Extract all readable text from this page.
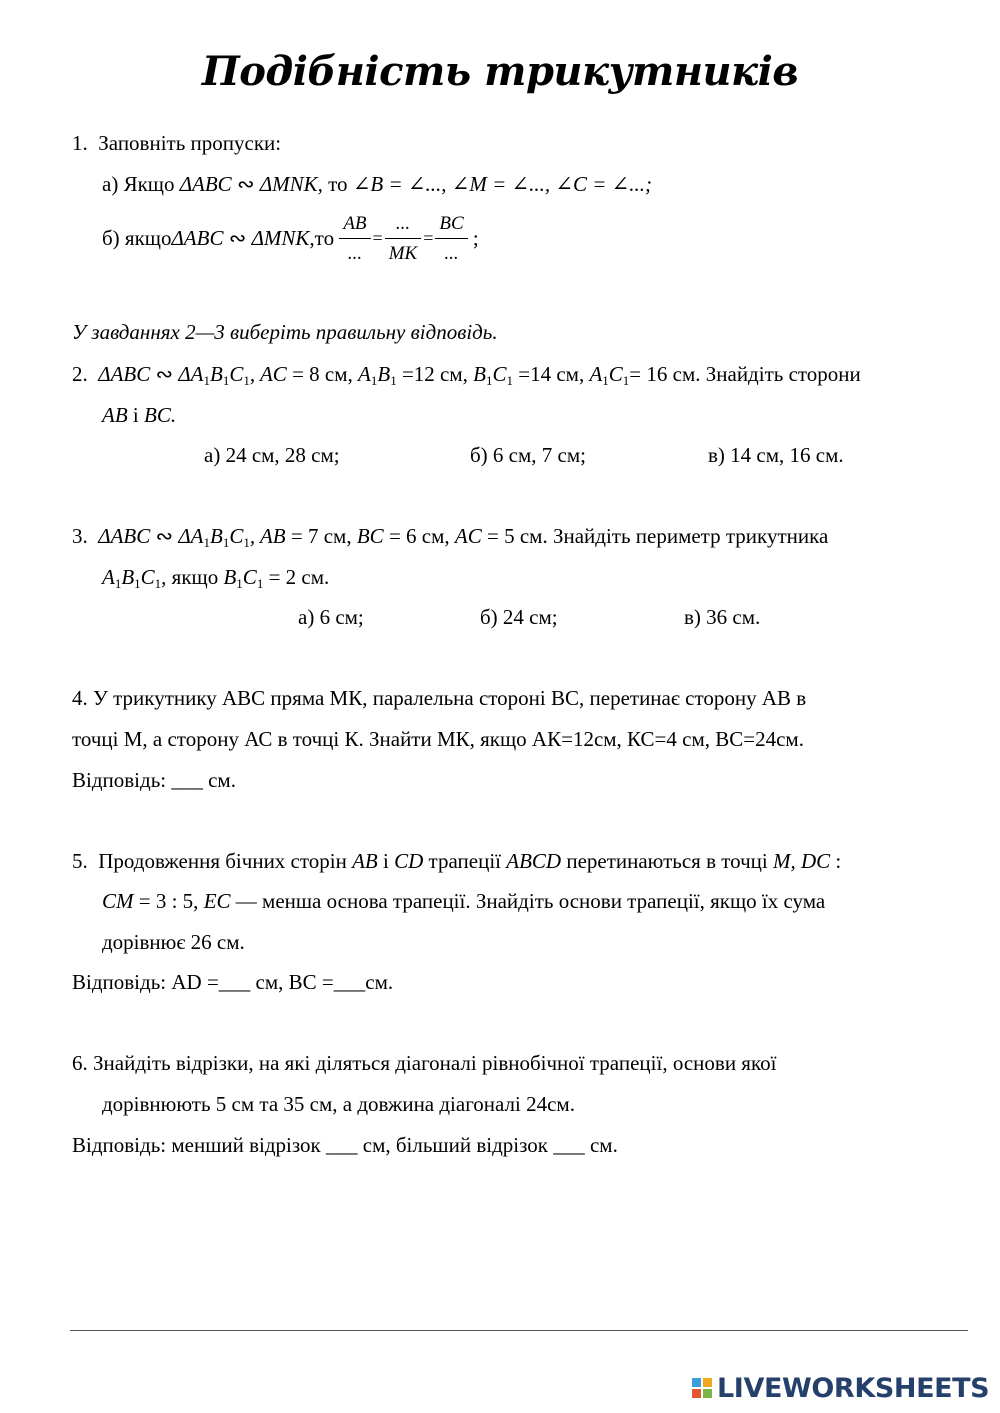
Подібність трикутників
1. Заповніть пропуски:
а) Якщо ΔABC ∾ ΔMNK, то ∠B = ∠..., ∠M = ∠..., ∠C = ∠...;
б) якщо ΔABC
∾
ΔMNK, то
$\frac{AB}{...} = \frac{...}{MK} = \frac{BC}{...}$
;
У завданнях 2—3 виберіть правильну відповідь.
2. ΔABC ∾ $\Delta A_1B_1C_1$, AC = 8 см, $A_1B_1 =12$ см, $B_1C_1 =14$ см, $A_1C_1= 16$ см. Знайдіть сторони
AB і BC.
а) 24 см, 28 см;	б) 6 см, 7 см;	в) 14 см, 16 см.
3. ΔABC ∾ $\Delta A_1B_1C_1$, AB = 7 см, BC = 6 см, AC = 5 см. Знайдіть периметр трикутника
$A_1B_1C_1$, якщо $B_1C_1 = 2$ см.
а) 6 см;	б) 24 см;	в) 36 см.
4. У трикутнику АВС пряма МК, паралельна стороні ВС, перетинає сторону АВ в
точці М, а сторону АС в точці К. Знайти МК, якщо АК=12см, КС=4 см, ВС=24см.
Відповідь: ___ см.
5. Продовження бічних сторін AB і CD трапеції ABCD перетинаються в точці M, DC :
CM = 3 : 5, EC — менша основа трапеції. Знайдіть основи трапеції, якщо їх сума
дорівнює 26 см.
Відповідь: AD =___ см, BC =___см.
6. Знайдіть відрізки, на які діляться діагоналі рівнобічної трапеції, основи якої
дорівнюють 5 см та 35 см, а довжина діагоналі 24см.
Відповідь: менший відрізок ___ см, більший відрізок ___ см.
LIVEWORKSHEETS
